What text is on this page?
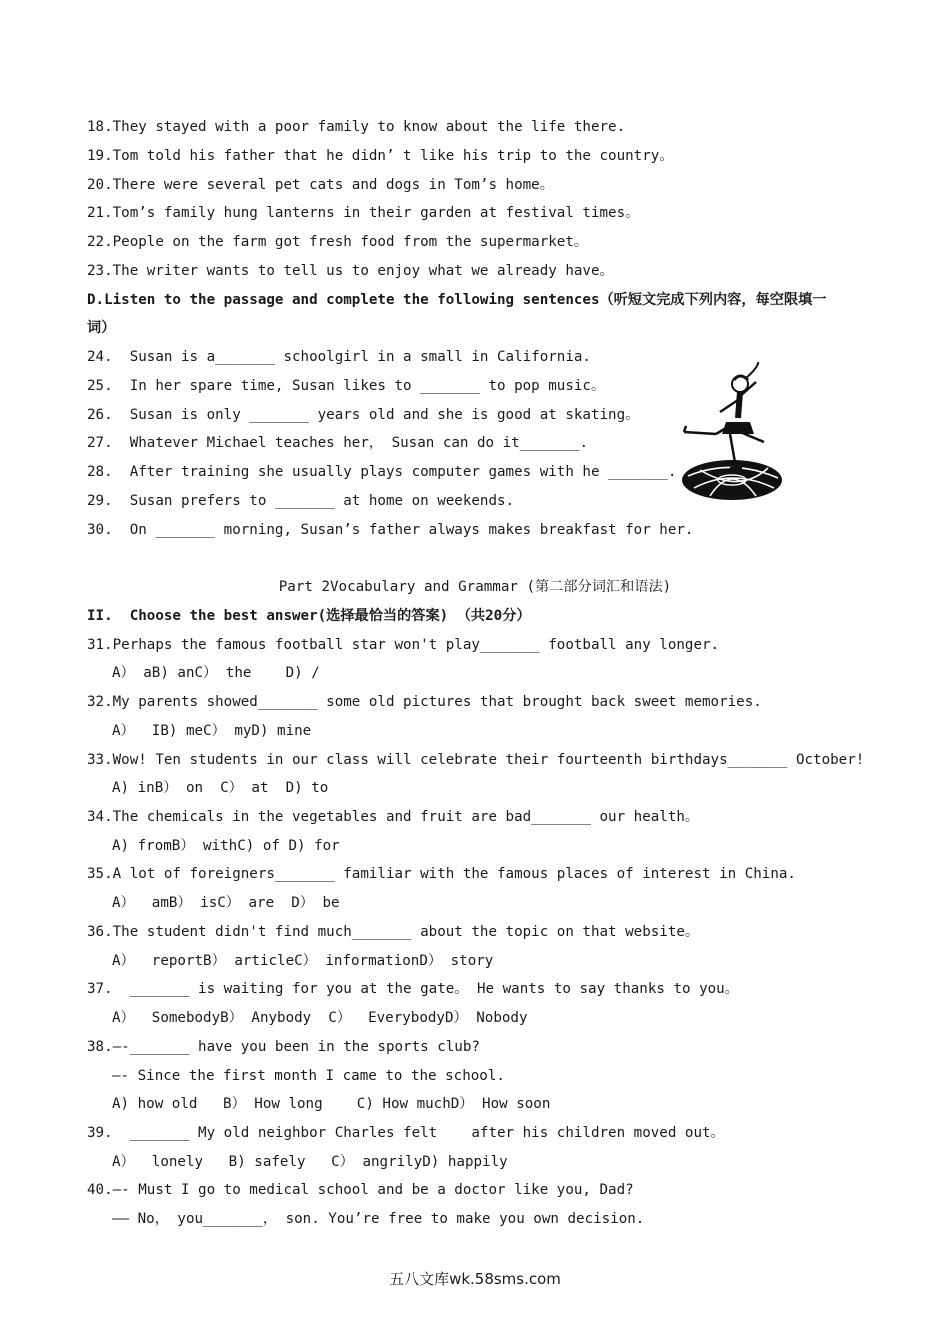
18.They stayed with a poor family to know about the life there.
19.Tom told his father that he didn’ t like his trip to the country。
20.There were several pet cats and dogs in Tom’s home。
21.Tom’s family hung lanterns in their garden at festival times。
22.People on the farm got fresh food from the supermarket。
23.The writer wants to tell us to enjoy what we already have。
D.Listen to the passage and complete the following sentences（听短文完成下列内容，每空限填一
词）
24.  Susan is a_______ schoolgirl in a small in California.
25.  In her spare time, Susan likes to _______ to pop music。
26.  Susan is only _______ years old and she is good at skating。
27.  Whatever Michael teaches her， Susan can do it_______.
28.  After training she usually plays computer games with he _______.
29.  Susan prefers to _______ at home on weekends.
30.  On _______ morning, Susan’s father always makes breakfast for her.
Part 2Vocabulary and Grammar (第二部分词汇和语法)
II.  Choose the best answer(选择最恰当的答案) （共20分）
31.Perhaps the famous football star won't play_______ football any longer.
A） aB) anC） the    D) /
32.My parents showed_______ some old pictures that brought back sweet memories.
A）  IB) meC） myD) mine
33.Wow! Ten students in our class will celebrate their fourteenth birthdays_______ October!
A) inB） on  C） at  D) to
34.The chemicals in the vegetables and fruit are bad_______ our health。
A) fromB） withC) of D) for
35.A lot of foreigners_______ familiar with the famous places of interest in China.
A）  amB） isC） are  D） be
36.The student didn't find much_______ about the topic on that website。
A）  reportB） articleC） informationD） story
37.  _______ is waiting for you at the gate。 He wants to say thanks to you。
A）  SomebodyB） Anybody  C）  EverybodyD） Nobody
38.—-_______ have you been in the sports club?
—- Since the first month I came to the school.
A) how old   B） How long    C) How muchD） How soon
39.  _______ My old neighbor Charles felt    after his children moved out。
A）  lonely   B) safely   C） angrilyD) happily
40.—- Must I go to medical school and be a doctor like you, Dad?
—— No， you_______， son. You’re free to make you own decision.
五八文库wk.58sms.com
